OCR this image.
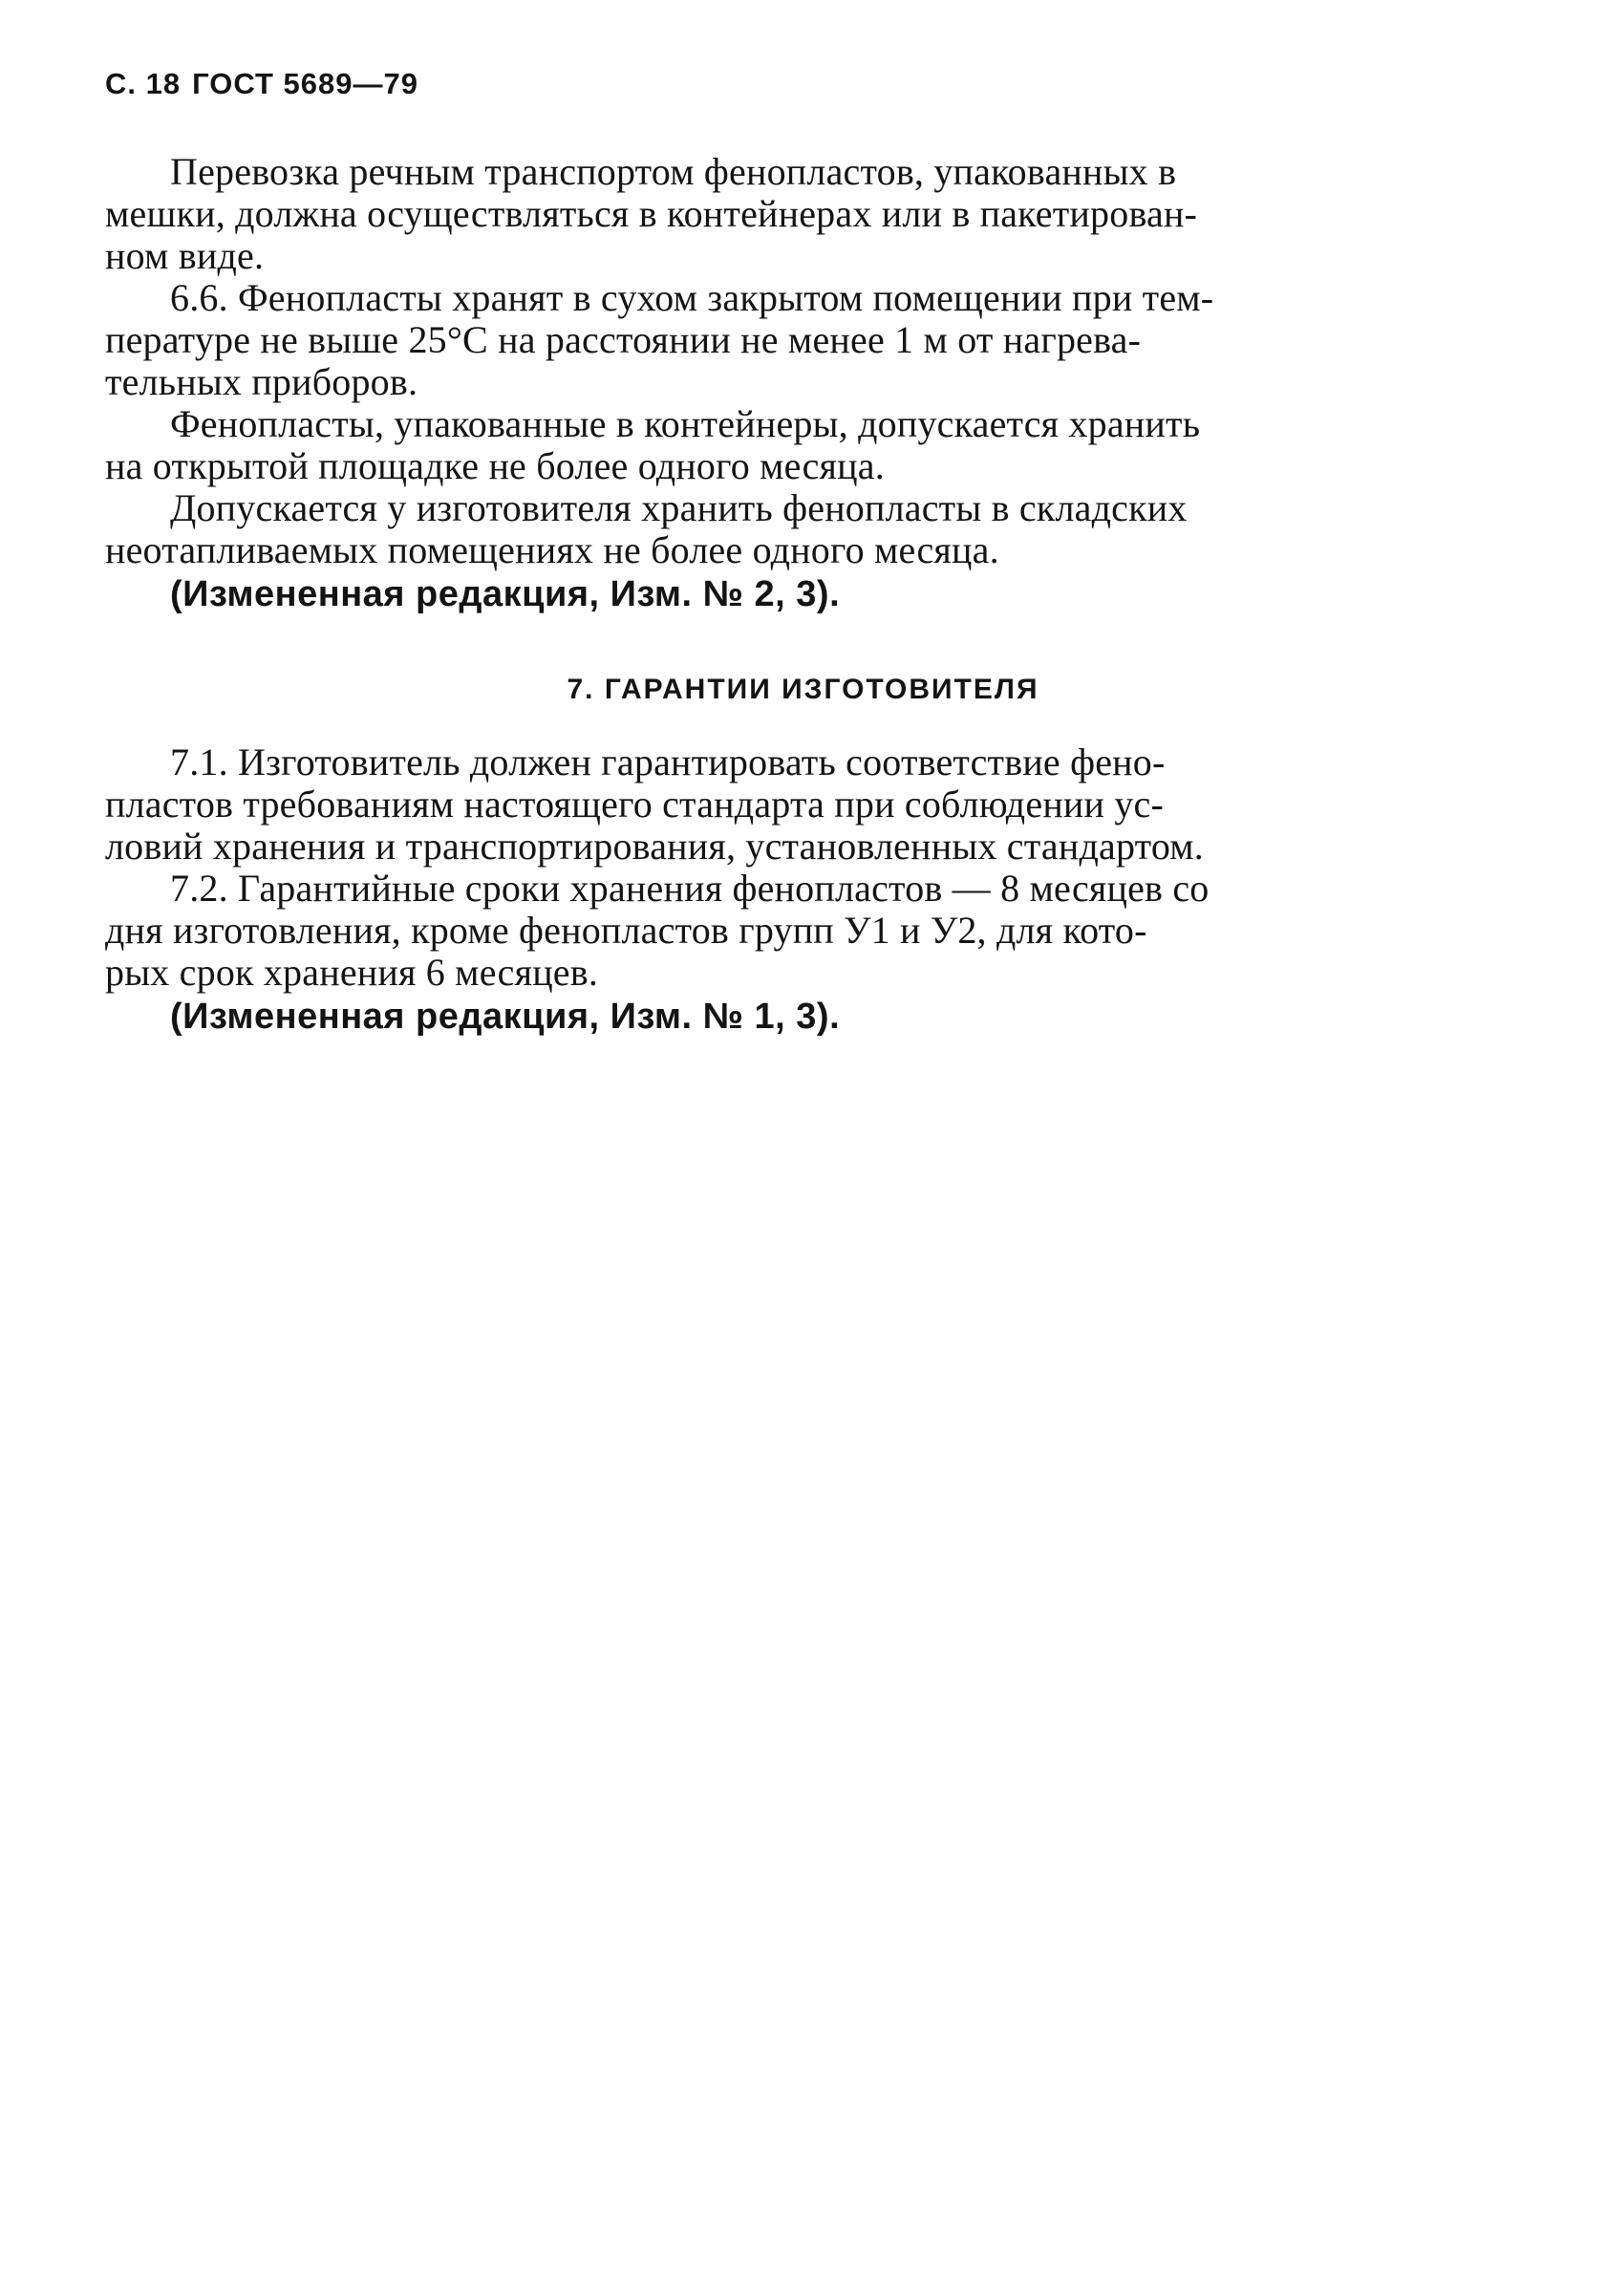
С. 18 ГОСТ 5689—79
Перевозка речным транспортом фенопластов, упакованных в
мешки, должна осуществляться в контейнерах или в пакетирован-
ном виде.
6.6. Фенопласты хранят в сухом закрытом помещении при тем-
пературе не выше 25°С на расстоянии не менее 1 м от нагрева-
тельных приборов.
Фенопласты, упакованные в контейнеры, допускается хранить
на открытой площадке не более одного месяца.
Допускается у изготовителя хранить фенопласты в складских
неотапливаемых помещениях не более одного месяца.
(Измененная редакция, Изм. № 2, 3).
7. ГАРАНТИИ ИЗГОТОВИТЕЛЯ
7.1. Изготовитель должен гарантировать соответствие фено-
пластов требованиям настоящего стандарта при соблюдении ус-
ловий хранения и транспортирования, установленных стандартом.
7.2. Гарантийные сроки хранения фенопластов — 8 месяцев со
дня изготовления, кроме фенопластов групп У1 и У2, для кото-
рых срок хранения 6 месяцев.
(Измененная редакция, Изм. № 1, 3).
